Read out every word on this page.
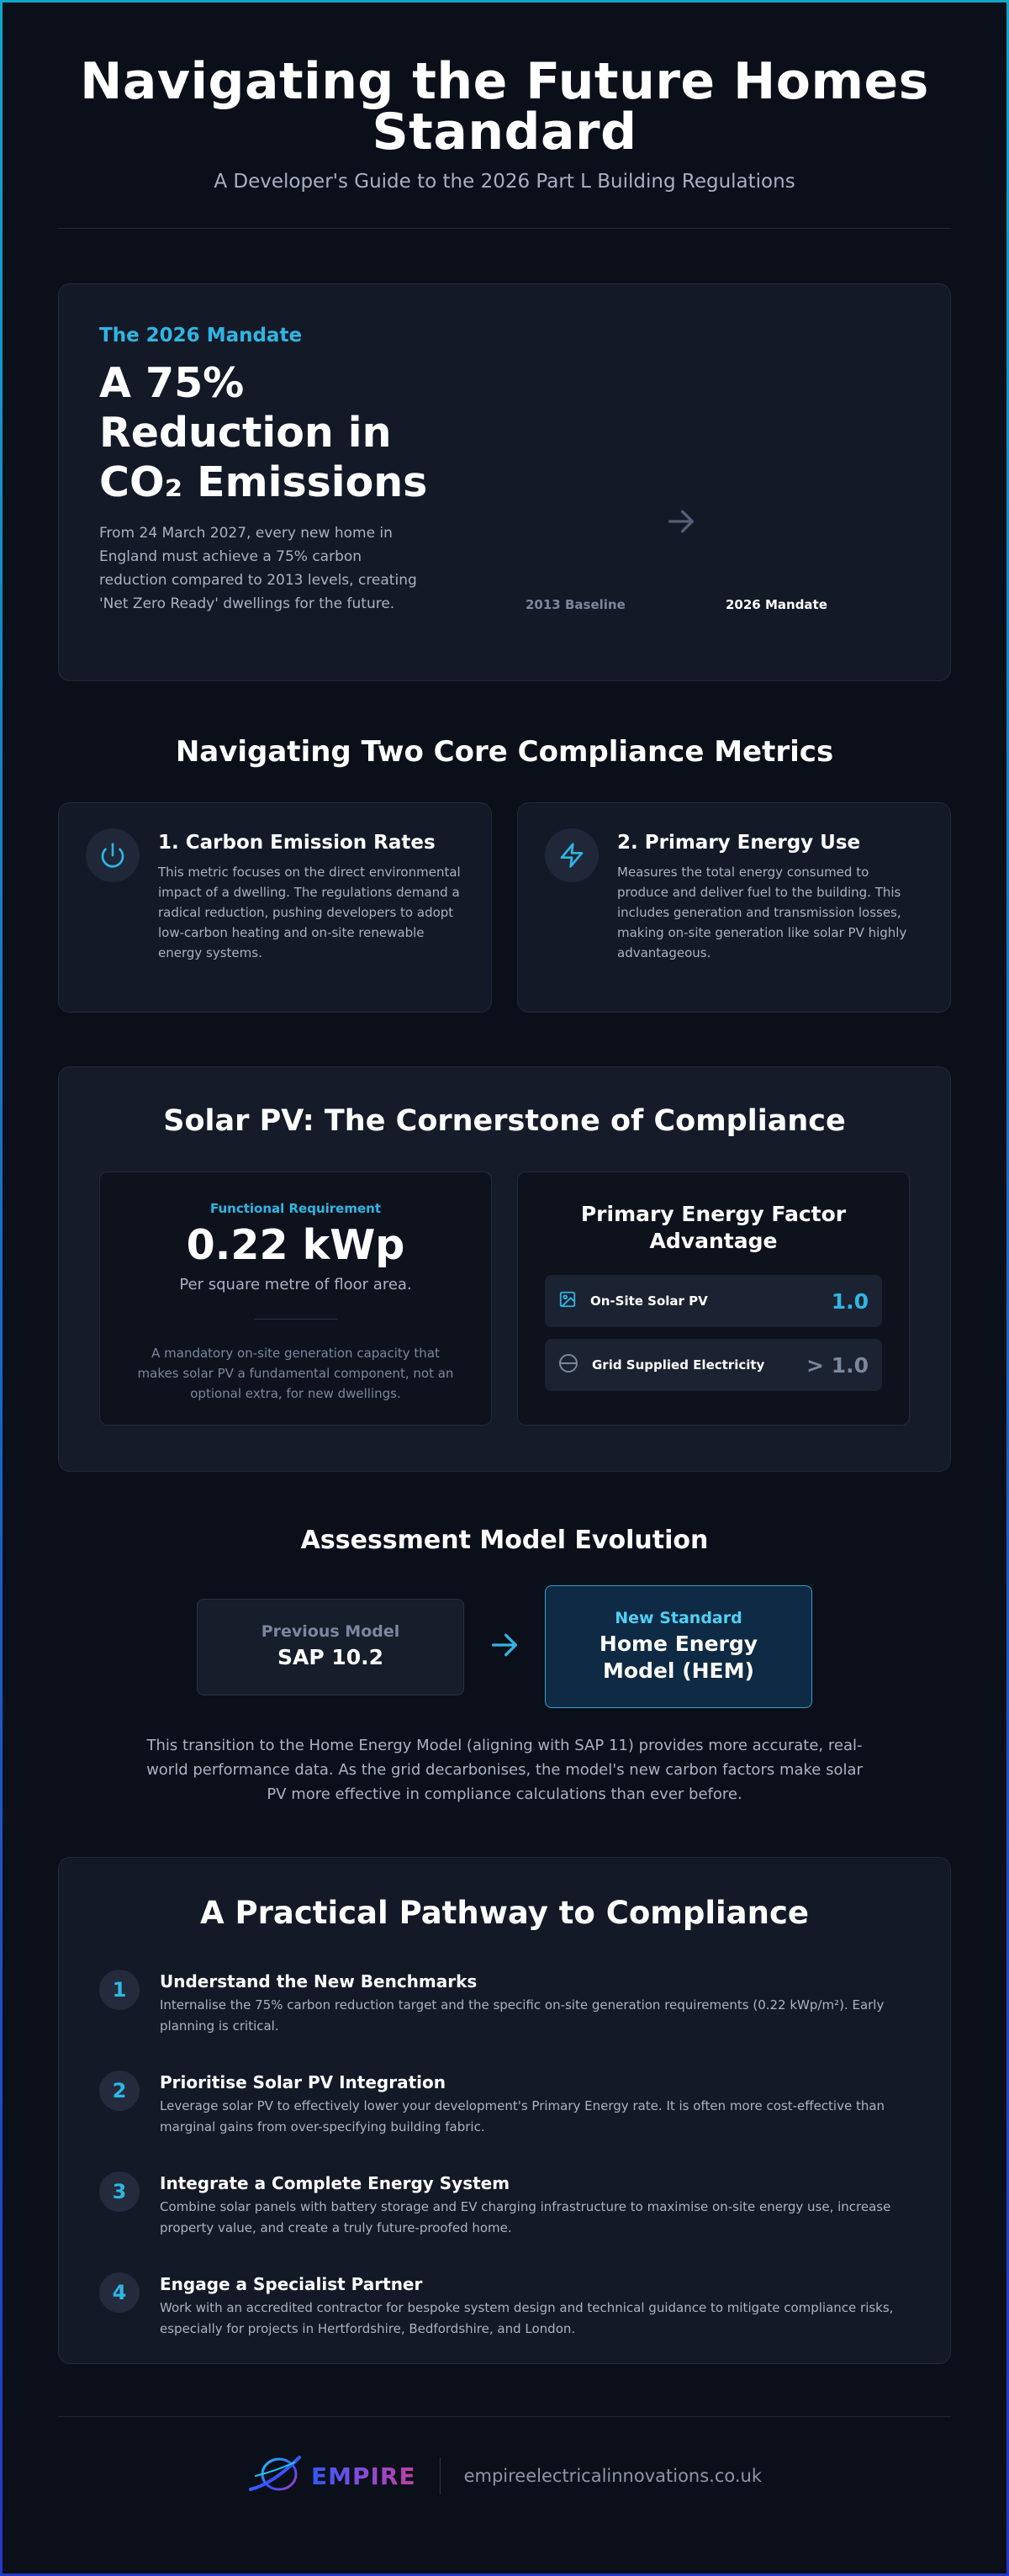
Navigating the Future Homes Standard

A Developer's Guide to the 2026 Part L Building Regulations

The 2026 Mandate
A 75% Reduction in CO₂ Emissions

From 24 March 2027, every new home in England must achieve a 75% carbon reduction compared to 2013 levels, creating 'Net Zero Ready' dwellings for the future.	2013 Baseline	2026 Mandate
Navigating Two Core Compliance Metrics
1. Carbon Emission Rates

This metric focuses on the direct environmental impact of a dwelling. The regulations demand a radical reduction, pushing developers to adopt low-carbon heating and on-site renewable energy systems.

2. Primary Energy Use

Measures the total energy consumed to produce and deliver fuel to the building. This includes generation and transmission losses, making on-site generation like solar PV highly advantageous.

Solar PV: The Cornerstone of Compliance
Functional Requirement
0.22 kWp
Per square metre of floor area.

A mandatory on-site generation capacity that makes solar PV a fundamental component, not an optional extra, for new dwellings.

Primary Energy Factor Advantage
On-Site Solar PV	1.0
Grid Supplied Electricity	> 1.0
Assessment Model Evolution
Previous Model
SAP 10.2
New Standard
Home Energy Model (HEM)

This transition to the Home Energy Model (aligning with SAP 11) provides more accurate, real-world performance data. As the grid decarbonises, the model's new carbon factors make solar PV more effective in compliance calculations than ever before.

A Practical Pathway to Compliance
1	Understand the New Benchmarks

Internalise the 75% carbon reduction target and the specific on-site generation requirements (0.22 kWp/m²). Early planning is critical.

2	Prioritise Solar PV Integration

Leverage solar PV to effectively lower your development's Primary Energy rate. It is often more cost-effective than marginal gains from over-specifying building fabric.

3	Integrate a Complete Energy System

Combine solar panels with battery storage and EV charging infrastructure to maximise on-site energy use, increase property value, and create a truly future-proofed home.

4	Engage a Specialist Partner

Work with an accredited contractor for bespoke system design and technical guidance to mitigate compliance risks, especially for projects in Hertfordshire, Bedfordshire, and London.

EMPIRE	empireelectricalinnovations.co.uk
